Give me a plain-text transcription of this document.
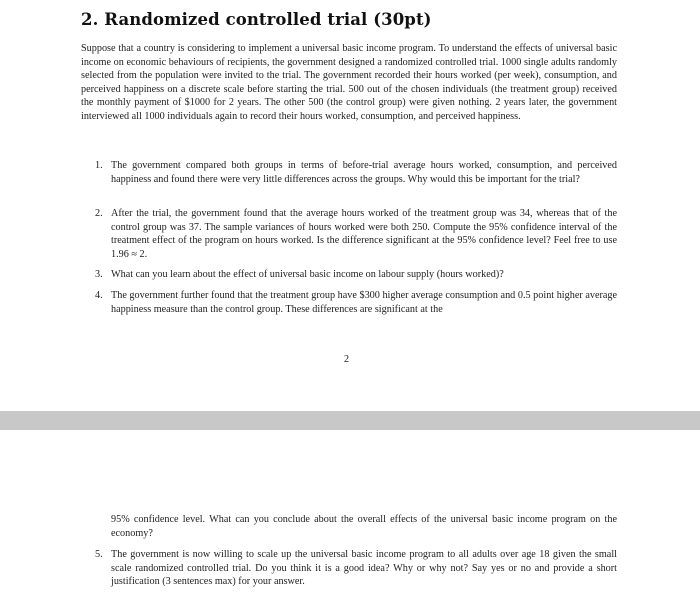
2. Randomized controlled trial (30pt)

Suppose that a country is considering to implement a universal basic income program. To understand the effects of universal basic income on economic behaviours of recipients, the government designed a randomized controlled trial. 1000 single adults randomly selected from the population were invited to the trial. The government recorded their hours worked (per week), consumption, and perceived happiness on a discrete scale before starting the trial. 500 out of the chosen individuals (the treatment group) received the monthly payment of $1000 for 2 years. The other 500 (the control group) were given nothing. 2 years later, the government interviewed all 1000 individuals again to record their hours worked, consumption, and perceived happiness.

1. The government compared both groups in terms of before-trial average hours worked, consumption, and perceived happiness and found there were very little differences across the groups. Why would this be important for the trial?
2. After the trial, the government found that the average hours worked of the treatment group was 34, whereas that of the control group was 37. The sample variances of hours worked were both 250. Compute the 95% confidence interval of the treatment effect of the program on hours worked. Is the difference significant at the 95% confidence level? Feel free to use 1.96 ≈ 2.
3. What can you learn about the effect of universal basic income on labour supply (hours worked)?
4. The government further found that the treatment group have $300 higher average consumption and 0.5 point higher average happiness measure than the control group. These differences are significant at the
2

95% confidence level. What can you conclude about the overall effects of the universal basic income program on the economy?

5. The government is now willing to scale up the universal basic income program to all adults over age 18 given the small scale randomized controlled trial. Do you think it is a good idea? Why or why not? Say yes or no and provide a short justification (3 sentences max) for your answer.
